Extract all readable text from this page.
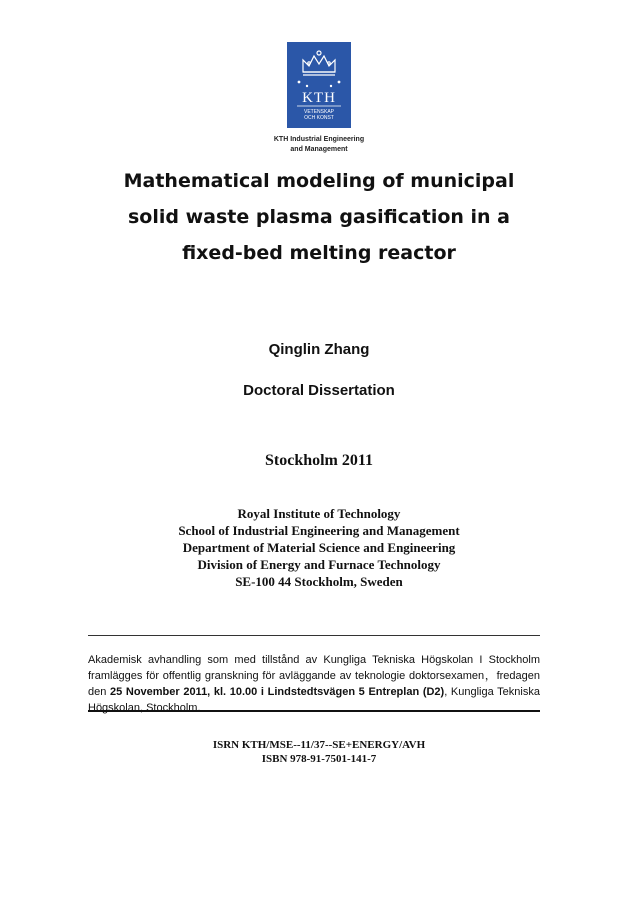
KTH
VETENSKAP
OCH KONST
KTH Industrial Engineering
and Management
Mathematical modeling of municipal
solid waste plasma gasification in a
fixed-bed melting reactor
Qinglin Zhang
Doctoral Dissertation
Stockholm 2011
Royal Institute of Technology
School of Industrial Engineering and Management
Department of Material Science and Engineering
Division of Energy and Furnace Technology
SE-100 44 Stockholm, Sweden
Akademisk avhandling som med tillstånd av Kungliga Tekniska Högskolan I Stockholm framlägges för offentlig granskning för avläggande av teknologie doktorsexamen，fredagen den 25 November 2011, kl. 10.00 i Lindstedtsvägen 5 Entreplan (D2), Kungliga Tekniska Högskolan, Stockholm.
ISRN KTH/MSE--11/37--SE+ENERGY/AVH
ISBN 978-91-7501-141-7
